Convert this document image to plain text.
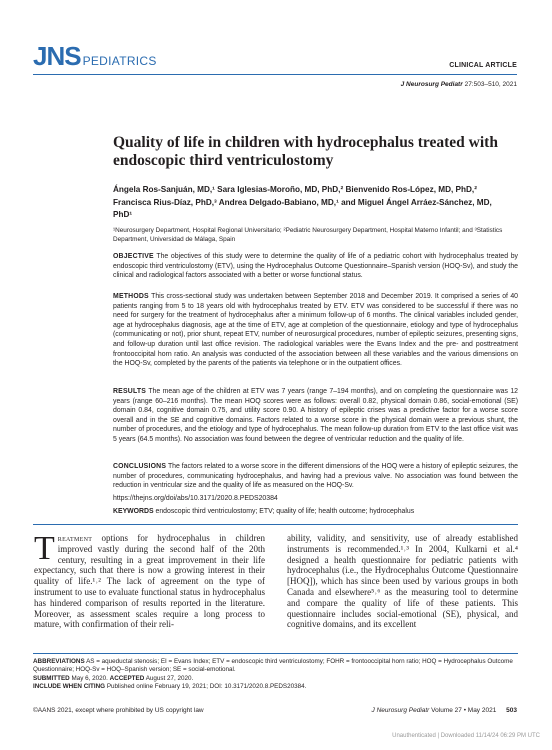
JNS PEDIATRICS	CLINICAL ARTICLE
J Neurosurg Pediatr 27:503–510, 2021
Quality of life in children with hydrocephalus treated with endoscopic third ventriculostomy
Ángela Ros-Sanjuán, MD,¹ Sara Iglesias-Moroño, MD, PhD,² Bienvenido Ros-López, MD, PhD,² Francisca Rius-Díaz, PhD,³ Andrea Delgado-Babiano, MD,¹ and Miguel Ángel Arráez-Sánchez, MD, PhD¹
¹Neurosurgery Department, Hospital Regional Universitario; ²Pediatric Neurosurgery Department, Hospital Materno Infantil; and ³Statistics Department, Universidad de Málaga, Spain
OBJECTIVE The objectives of this study were to determine the quality of life of a pediatric cohort with hydrocephalus treated by endoscopic third ventriculostomy (ETV), using the Hydrocephalus Outcome Questionnaire–Spanish version (HOQ-Sv), and study the clinical and radiological factors associated with a better or worse functional status.
METHODS This cross-sectional study was undertaken between September 2018 and December 2019. It comprised a series of 40 patients ranging from 5 to 18 years old with hydrocephalus treated by ETV. ETV was considered to be successful if there was no need for surgery for the treatment of hydrocephalus after a minimum follow-up of 6 months. The clinical variables included gender, age at hydrocephalus diagnosis, age at the time of ETV, age at completion of the questionnaire, etiology and type of hydrocephalus (communicating or not), prior shunt, repeat ETV, number of neurosurgical procedures, number of epileptic seizures, presenting signs, and follow-up duration until last office revision. The radiological variables were the Evans Index and the pre- and posttreatment frontooccipital horn ratio. An analysis was conducted of the association between all these variables and the various dimensions on the HOQ-Sv, completed by the parents of the patients via telephone or in the outpatient offices.
RESULTS The mean age of the children at ETV was 7 years (range 7–194 months), and on completing the questionnaire was 12 years (range 60–216 months). The mean HOQ scores were as follows: overall 0.82, physical domain 0.86, social-emotional (SE) domain 0.84, cognitive domain 0.75, and utility score 0.90. A history of epileptic crises was a predictive factor for a worse score overall and in the SE and cognitive domains. Factors related to a worse score in the physical domain were a previous shunt, the number of procedures, and the etiology and type of hydrocephalus. The mean follow-up duration from ETV to the last office visit was 5 years (64.5 months). No association was found between the degree of ventricular reduction and the quality of life.
CONCLUSIONS The factors related to a worse score in the different dimensions of the HOQ were a history of epileptic seizures, the number of procedures, communicating hydrocephalus, and having had a previous valve. No association was found between the reduction in ventricular size and the quality of life as measured on the HOQ-Sv.
https://thejns.org/doi/abs/10.3171/2020.8.PEDS20384
KEYWORDS endoscopic third ventriculostomy; ETV; quality of life; health outcome; hydrocephalus
Treatment options for hydrocephalus in children improved vastly during the second half of the 20th century, resulting in a great improvement in their life expectancy, such that there is now a growing interest in their quality of life.¹˒² The lack of agreement on the type of instrument to use to evaluate functional status in hydrocephalus has hindered comparison of results reported in the literature. Moreover, as assessment scales require a long process to mature, with confirmation of their reli-
ability, validity, and sensitivity, use of already established instruments is recommended.¹˒³ In 2004, Kulkarni et al.⁴ designed a health questionnaire for pediatric patients with hydrocephalus (i.e., the Hydrocephalus Outcome Questionnaire [HOQ]), which has since been used by various groups in both Canada and elsewhere⁵˒⁶ as the measuring tool to determine and compare the quality of life of these patients. This questionnaire includes social-emotional (SE), physical, and cognitive domains, and its excellent
ABBREVIATIONS AS = aqueductal stenosis; EI = Evans Index; ETV = endoscopic third ventriculostomy; FOHR = frontooccipital horn ratio; HOQ = Hydrocephalus Outcome Questionnaire; HOQ-Sv = HOQ–Spanish version; SE = social-emotional.
SUBMITTED May 6, 2020. ACCEPTED August 27, 2020.
INCLUDE WHEN CITING Published online February 19, 2021; DOI: 10.3171/2020.8.PEDS20384.
©AANS 2021, except where prohibited by US copyright law	J Neurosurg Pediatr Volume 27 • May 2021 503
Unauthenticated | Downloaded 11/14/24 06:29 PM UTC
